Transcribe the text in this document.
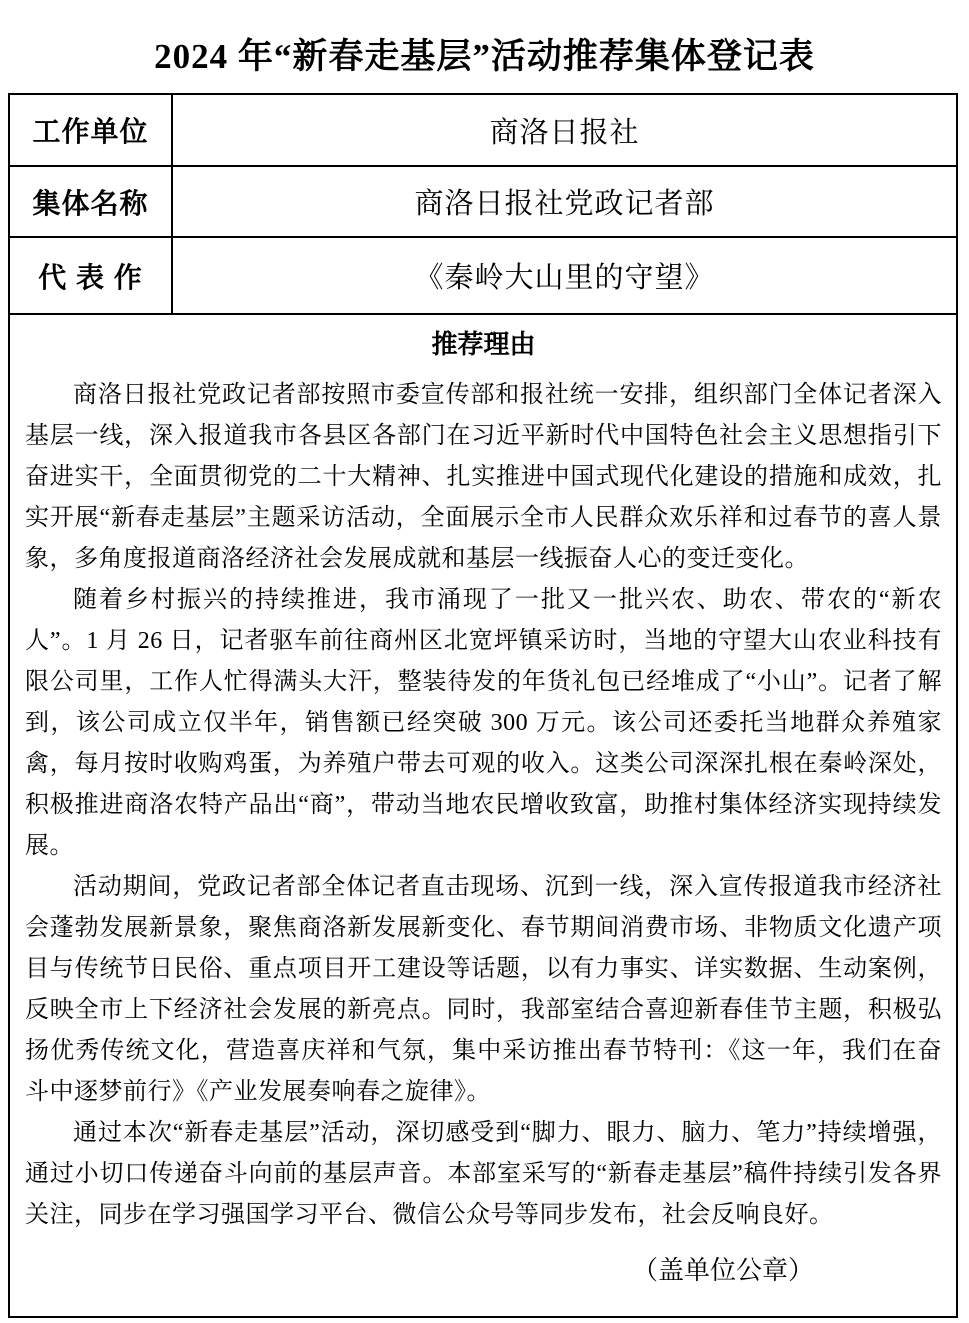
2024 年“新春走基层”活动推荐集体登记表
工作单位	商洛日报社
集体名称	商洛日报社党政记者部
代 表 作	《秦岭大山里的守望》
推荐理由

商洛日报社党政记者部按照市委宣传部和报社统一安排，组织部门全体记者深入基层一线，深入报道我市各县区各部门在习近平新时代中国特色社会主义思想指引下奋进实干，全面贯彻党的二十大精神、扎实推进中国式现代化建设的措施和成效，扎实开展“新春走基层”主题采访活动，全面展示全市人民群众欢乐祥和过春节的喜人景象，多角度报道商洛经济社会发展成就和基层一线振奋人心的变迁变化。

随着乡村振兴的持续推进，我市涌现了一批又一批兴农、助农、带农的“新农人”。1 月 26 日，记者驱车前往商州区北宽坪镇采访时，当地的守望大山农业科技有限公司里，工作人忙得满头大汗，整装待发的年货礼包已经堆成了“小山”。记者了解到，该公司成立仅半年，销售额已经突破 300 万元。该公司还委托当地群众养殖家禽，每月按时收购鸡蛋，为养殖户带去可观的收入。这类公司深深扎根在秦岭深处，积极推进商洛农特产品出“商”，带动当地农民增收致富，助推村集体经济实现持续发展。

活动期间，党政记者部全体记者直击现场、沉到一线，深入宣传报道我市经济社会蓬勃发展新景象，聚焦商洛新发展新变化、春节期间消费市场、非物质文化遗产项目与传统节日民俗、重点项目开工建设等话题，以有力事实、详实数据、生动案例，反映全市上下经济社会发展的新亮点。同时，我部室结合喜迎新春佳节主题，积极弘扬优秀传统文化，营造喜庆祥和气氛，集中采访推出春节特刊：《这一年，我们在奋斗中逐梦前行》《产业发展奏响春之旋律》。

通过本次“新春走基层”活动，深切感受到“脚力、眼力、脑力、笔力”持续增强，通过小切口传递奋斗向前的基层声音。本部室采写的“新春走基层”稿件持续引发各界关注，同步在学习强国学习平台、微信公众号等同步发布，社会反响良好。

（盖单位公章）
